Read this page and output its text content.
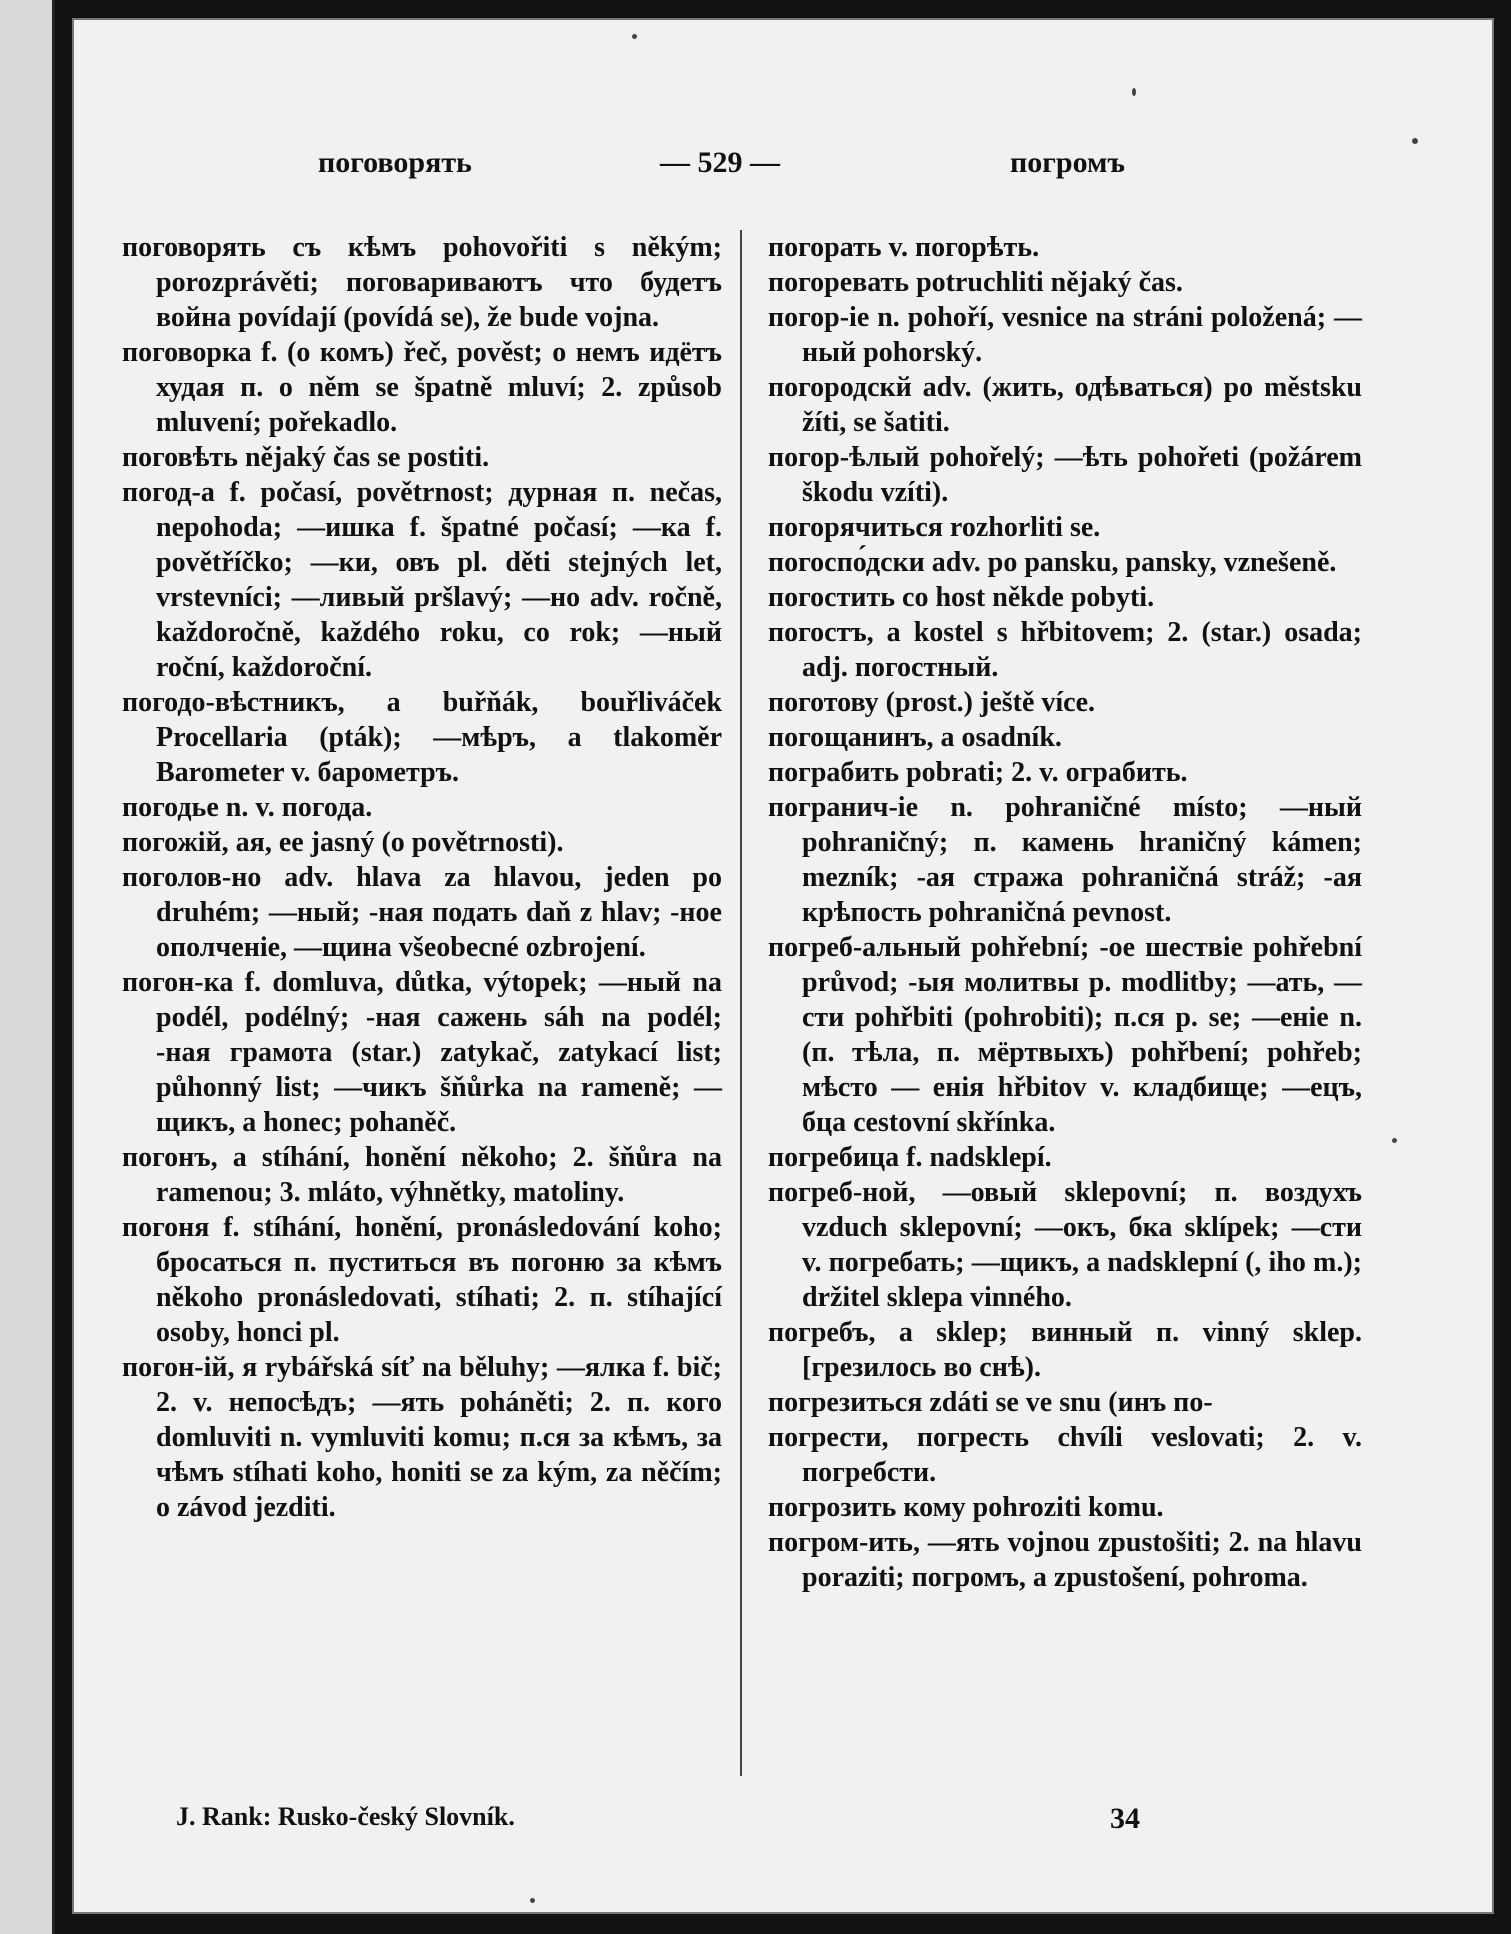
поговорять	— 529 —	погромъ

поговорять съ кѣмъ pohovořiti s někým; porozprávěti; поговариваютъ что будетъ война povídají (povídá se), že bude vojna.

поговорка f. (о комъ) řeč, pověst; o немъ идётъ худая п. o něm se špatně mluví; 2. způsob mluvení; pořekadlo.

поговѣть nějaký čas se postiti.

погод-а f. počasí, povětrnost; дурная п. nečas, nepohoda; —ишка f. špatné počasí; —ка f. povětříčko; —ки, овъ pl. děti stejných let, vrstevníci; —ливый pršlavý; —но adv. ročně, každoročně, každého roku, co rok; —ный roční, každoroční.

погодо-вѣстникъ, a buřňák, bouřliváček Procellaria (pták); —мѣръ, a tlakoměr Barometer v. барометръ.

погодье n. v. погода.

погожій, ая, ее jasný (o povětrnosti).

поголов-но adv. hlava za hlavou, jeden po druhém; —ный; -ная подать daň z hlav; -ное ополченіе, —щина všeobecné ozbrojení.

погон-ка f. domluva, důtka, výtopek; —ный na podél, podélný; -ная сажень sáh na podél; -ная грамота (star.) zatykač, zatykací list; půhonný list; —чикъ šňůrka na rameně; —щикъ, a honec; pohaněč.

погонъ, a stíhání, honění někoho; 2. šňůra na ramenou; 3. mláto, výhnětky, matoliny.

погоня f. stíhání, honění, pronásledování koho; бросаться п. пуститься въ погоню за кѣмъ někoho pronásledovati, stíhati; 2. п. stíhající osoby, honci pl.

погон-ій, я rybářská síť na běluhy; —ялка f. bič; 2. v. непосѣдъ; —ять poháněti; 2. п. кого domluviti n. vymluviti komu; п.ся за кѣмъ, за чѣмъ stíhati koho, honiti se za kým, za něčím; o závod jezditi.

погорать v. погорѣть.

погоревать potruchliti nějaký čas.

погор-ie n. pohoří, vesnice na stráni položená; —ный pohorský.

погородскй adv. (жить, одѣваться) po městsku žíti, se šatiti.

погор-ѣлый pohořelý; —ѣть pohořeti (požárem škodu vzíti).

погорячиться rozhorliti se.

погоспо́дски adv. po pansku, pansky, vznešeně.

погостить co host někde pobyti.

погостъ, a kostel s hřbitovem; 2. (star.) osada; adj. погостный.

поготову (prost.) ještě více.

погощанинъ, a osadník.

пограбить pobrati; 2. v. ограбить.

погранич-ie n. pohraničné místo; —ный pohraničný; п. камень hraničný kámen; mezník; -ая стража pohraničná stráž; -ая крѣпость pohraničná pevnost.

погреб-альный pohřební; -ое шествіе pohřební průvod; -ыя молитвы p. modlitby; —ать, —сти pohřbiti (pohrobiti); п.ся p. se; —еніе n. (п. тѣла, п. мёртвыхъ) pohřbení; pohřeb; мѣсто — енія hřbitov v. кладбище; —ецъ, бца cestovní skřínka.

погребица f. nadsklepí.

погреб-ной, —овый sklepovní; п. воздухъ vzduch sklepovní; —окъ, бка sklípek; —сти v. погребать; —щикъ, a nadsklepní (, iho m.); držitel sklepa vinného.

погребъ, a sklep; винный п. vinný sklep. [грезилось во снѣ).

погрезиться zdáti se ve snu (инъ по-

погрести, погресть chvíli veslovati; 2. v. погребсти.

погрозить кому pohroziti komu.

погром-ить, —ять vojnou zpustošiti; 2. na hlavu poraziti; погромъ, a zpustošení, pohroma.

J. Rank: Rusko-český Slovník.	34
